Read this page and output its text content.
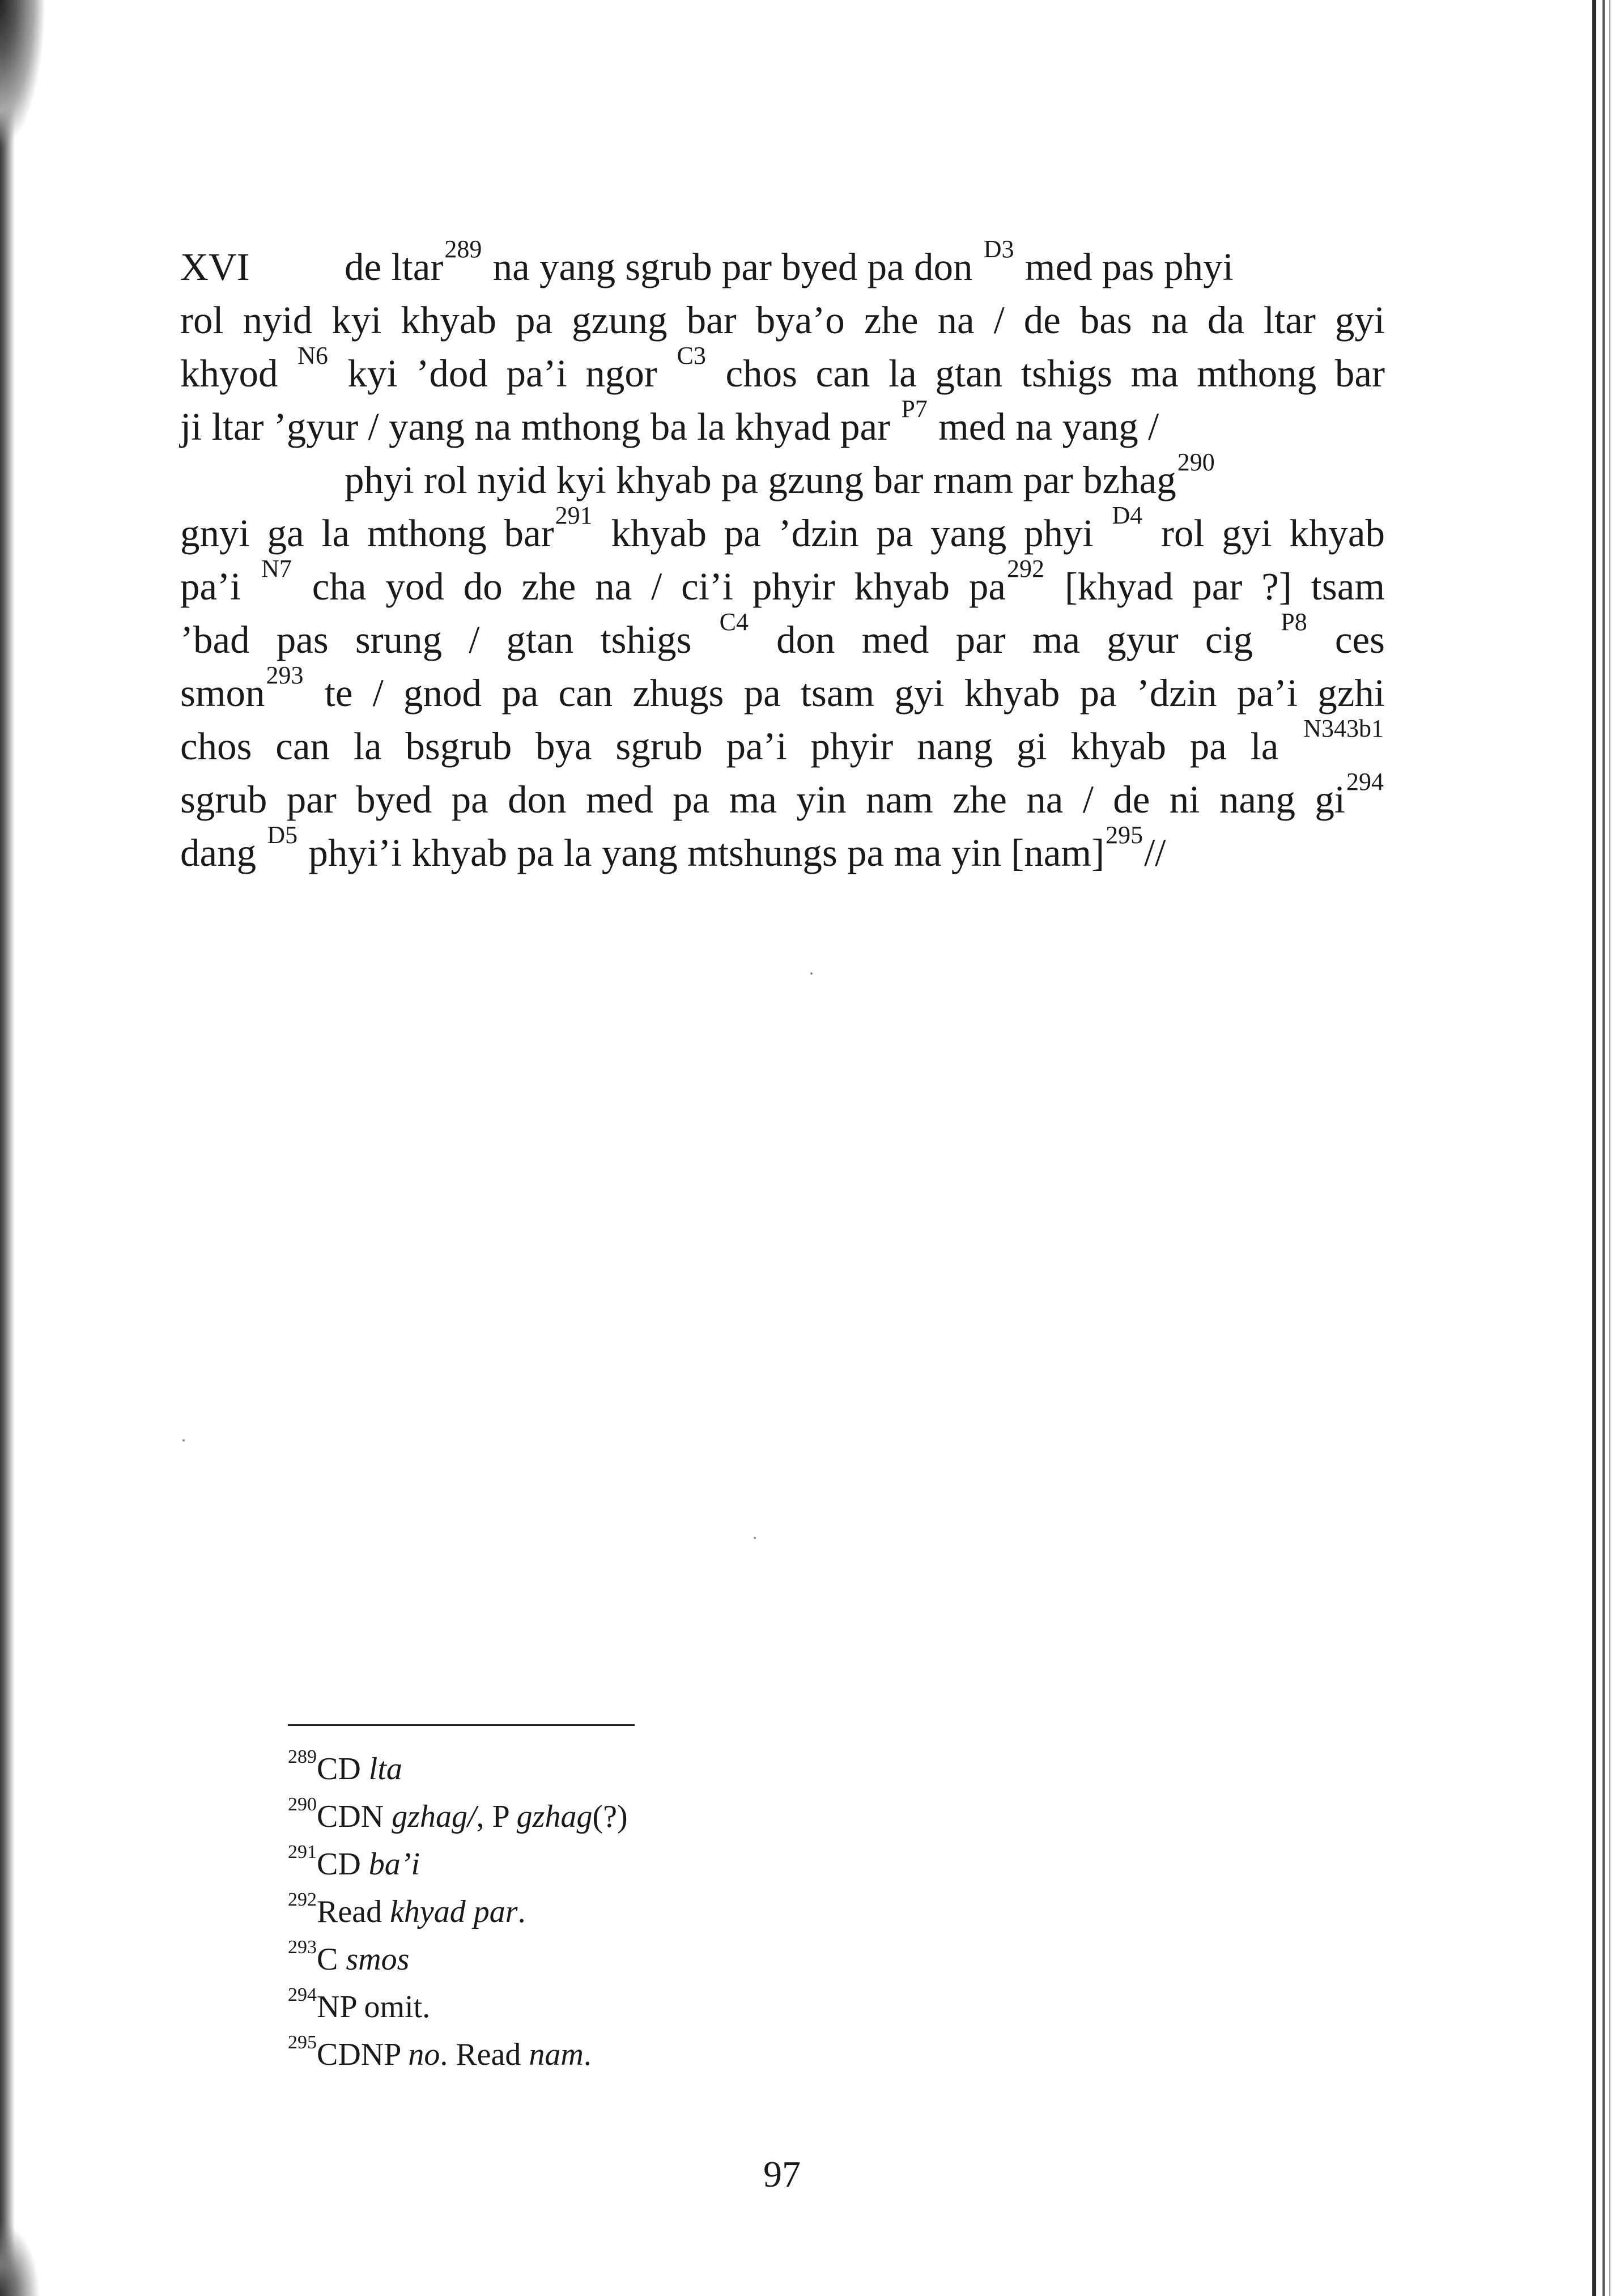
XVI de ltar$^{289}$ na yang sgrub par byed pa don $^{D3}$ med pas phyi
rol nyid kyi khyab pa gzung bar bya’o zhe na / de bas na da ltar gyi
khyod $^{N6}$ kyi ’dod pa’i ngor $^{C3}$ chos can la gtan tshigs ma mthong bar
ji ltar ’gyur / yang na mthong ba la khyad par $^{P7}$ med na yang /
phyi rol nyid kyi khyab pa gzung bar rnam par bzhag$^{290}$
gnyi ga la mthong bar$^{291}$ khyab pa ’dzin pa yang phyi $^{D4}$ rol gyi khyab
pa’i $^{N7}$ cha yod do zhe na / ci’i phyir khyab $pa^{292}$ [khyad par ?] tsam
’bad pas srung / gtan tshigs $^{C4}$ don med par ma gyur cig $^{P8}$ ces
smon$^{293}$ te / gnod pa can zhugs pa tsam gyi khyab pa ’dzin pa’i gzhi
chos can la bsgrub bya sgrub pa’i phyir nang gi khyab pa la $^{N343b1}$
sgrub par byed pa don med pa ma yin nam zhe na / de ni nang $gi^{294}$
dang $^{D5}$ phyi’i khyab pa la yang mtshungs pa ma yin [nam]$^{295}$//
$^{289}$CD lta
$^{290}$CDN gzhag/, P gzhag(?)
$^{291}$CD ba’i
$^{292}$Read khyad par.
$^{293}$C smos
$^{294}$NP omit.
$^{295}$CDNP no. Read nam.
97
